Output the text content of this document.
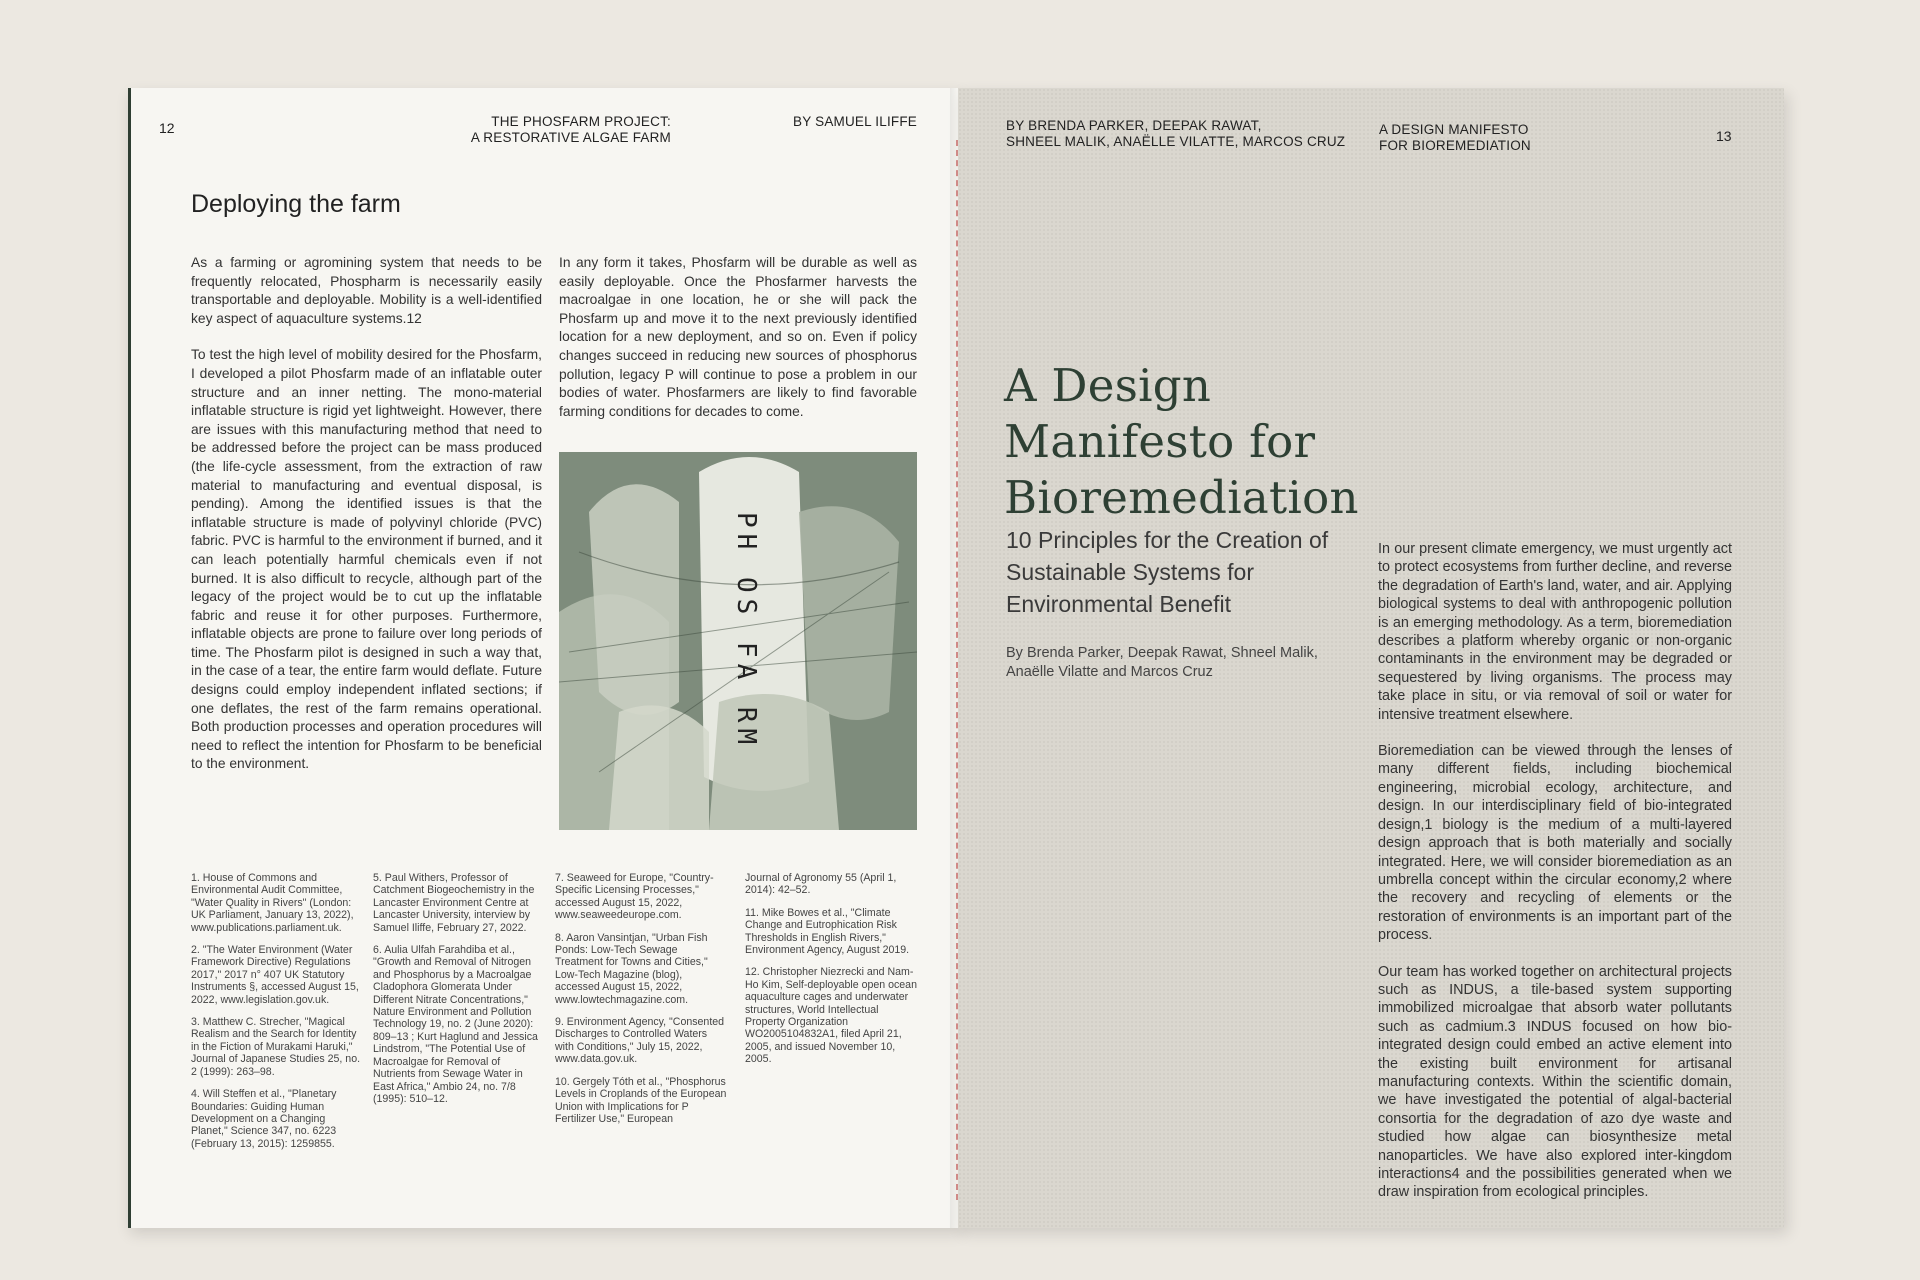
12	THE PHOSFARM PROJECT:
A RESTORATIVE ALGAE FARM
BY SAMUEL ILIFFE
Deploying the farm

As a farming or agromining system that needs to be frequently relocated, Phospharm is necessarily easily transportable and deployable. Mobility is a well-identified key aspect of aquaculture systems.12

To test the high level of mobility desired for the Phosfarm, I developed a pilot Phosfarm made of an inflatable outer structure and an inner netting. The mono-material inflatable structure is rigid yet lightweight. However, there are issues with this manufacturing method that need to be addressed before the project can be mass produced (the life-cycle assessment, from the extraction of raw material to manufacturing and eventual disposal, is pending). Among the identified issues is that the inflatable structure is made of polyvinyl chloride (PVC) fabric. PVC is harmful to the environment if burned, and it can leach potentially harmful chemicals even if not burned. It is also difficult to recycle, although part of the legacy of the project would be to cut up the inflatable fabric and reuse it for other purposes. Furthermore, inflatable objects are prone to failure over long periods of time. The Phosfarm pilot is designed in such a way that, in the case of a tear, the entire farm would deflate. Future designs could employ independent inflated sections; if one deflates, the rest of the farm remains operational. Both production processes and operation procedures will need to reflect the intention for Phosfarm to be beneficial to the environment.

In any form it takes, Phosfarm will be durable as well as easily deployable. Once the Phosfarmer harvests the macroalgae in one location, he or she will pack the Phosfarm up and move it to the next previously identified location for a new deployment, and so on. Even if policy changes succeed in reducing new sources of phosphorus pollution, legacy P will continue to pose a problem in our bodies of water. Phosfarmers are likely to find favorable farming conditions for decades to come.

PH OS FA RM

1. House of Commons and Environmental Audit Committee, "Water Quality in Rivers" (London: UK Parliament, January 13, 2022), www.publications.parliament.uk.

2. "The Water Environment (Water Framework Directive) Regulations 2017," 2017 n° 407 UK Statutory Instruments §, accessed August 15, 2022, www.legislation.gov.uk.

3. Matthew C. Strecher, "Magical Realism and the Search for Identity in the Fiction of Murakami Haruki," Journal of Japanese Studies 25, no. 2 (1999): 263–98.

4. Will Steffen et al., "Planetary Boundaries: Guiding Human Development on a Changing Planet," Science 347, no. 6223 (February 13, 2015): 1259855.

5. Paul Withers, Professor of Catchment Biogeochemistry in the Lancaster Environment Centre at Lancaster University, interview by Samuel Iliffe, February 27, 2022.

6. Aulia Ulfah Farahdiba et al., "Growth and Removal of Nitrogen and Phosphorus by a Macroalgae Cladophora Glomerata Under Different Nitrate Concentrations," Nature Environment and Pollution Technology 19, no. 2 (June 2020): 809–13 ; Kurt Haglund and Jessica Lindstrom, "The Potential Use of Macroalgae for Removal of Nutrients from Sewage Water in East Africa," Ambio 24, no. 7/8 (1995): 510–12.

7. Seaweed for Europe, "Country-Specific Licensing Processes," accessed August 15, 2022, www.seaweedeurope.com.

8. Aaron Vansintjan, "Urban Fish Ponds: Low-Tech Sewage Treatment for Towns and Cities," Low-Tech Magazine (blog), accessed August 15, 2022, www.lowtechmagazine.com.

9. Environment Agency, "Consented Discharges to Controlled Waters with Conditions," July 15, 2022, www.data.gov.uk.

10. Gergely Tóth et al., "Phosphorus Levels in Croplands of the European Union with Implications for P Fertilizer Use," European

Journal of Agronomy 55 (April 1, 2014): 42–52.

11. Mike Bowes et al., "Climate Change and Eutrophication Risk Thresholds in English Rivers," Environment Agency, August 2019.

12. Christopher Niezrecki and Nam-Ho Kim, Self-deployable open ocean aquaculture cages and underwater structures, World Intellectual Property Organization WO2005104832A1, filed April 21, 2005, and issued November 10, 2005.

BY BRENDA PARKER, DEEPAK RAWAT,
SHNEEL MALIK, ANAËLLE VILATTE, MARCOS CRUZ
A DESIGN MANIFESTO
FOR BIOREMEDIATION
13
A Design Manifesto for Bioremediation
10 Principles for the Creation of Sustainable Systems for Environmental Benefit
By Brenda Parker, Deepak Rawat, Shneel Malik, Anaëlle Vilatte and Marcos Cruz

In our present climate emergency, we must urgently act to protect ecosystems from further decline, and reverse the degradation of Earth's land, water, and air. Applying biological systems to deal with anthropogenic pollution is an emerging methodology. As a term, bioremediation describes a platform whereby organic or non-organic contaminants in the environment may be degraded or sequestered by living organisms. The process may take place in situ, or via removal of soil or water for intensive treatment elsewhere.

Bioremediation can be viewed through the lenses of many different fields, including biochemical engineering, microbial ecology, architecture, and design. In our interdisciplinary field of bio-integrated design,1 biology is the medium of a multi-layered design approach that is both materially and socially integrated. Here, we will consider bioremediation as an umbrella concept within the circular economy,2 where the recovery and recycling of elements or the restoration of environments is an important part of the process.

Our team has worked together on architectural projects such as INDUS, a tile-based system supporting immobilized microalgae that absorb water pollutants such as cadmium.3 INDUS focused on how bio-integrated design could embed an active element into the existing built environment for artisanal manufacturing contexts. Within the scientific domain, we have investigated the potential of algal-bacterial consortia for the degradation of azo dye waste and studied how algae can biosynthesize metal nanoparticles. We have also explored inter-kingdom interactions4 and the possibilities generated when we draw inspiration from ecological principles.
